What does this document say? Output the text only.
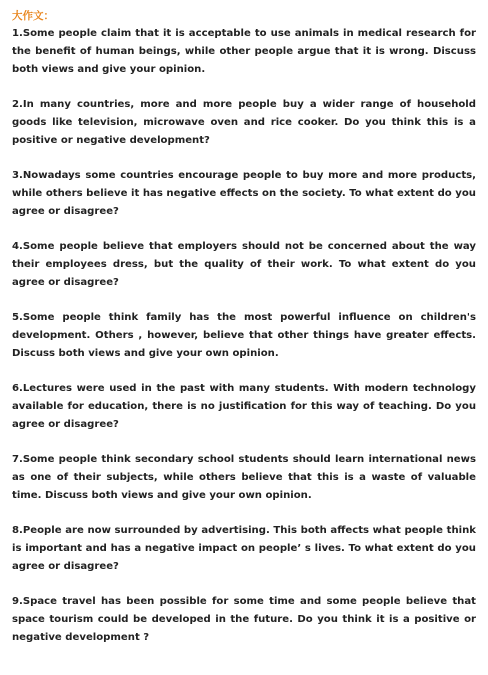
大作文：

1.Some people claim that it is acceptable to use animals in medical research for the benefit of human beings, while other people argue that it is wrong. Discuss both views and give your opinion.

2.In many countries, more and more people buy a wider range of household goods like television, microwave oven and rice cooker. Do you think this is a positive or negative development?

3.Nowadays some countries encourage people to buy more and more products, while others believe it has negative effects on the society. To what extent do you agree or disagree?

4.Some people believe that employers should not be concerned about the way their employees dress, but the quality of their work. To what extent do you agree or disagree?

5.Some people think family has the most powerful influence on children's development. Others , however, believe that other things have greater effects. Discuss both views and give your own opinion.

6.Lectures were used in the past with many students. With modern technology available for education, there is no justification for this way of teaching. Do you agree or disagree?

7.Some people think secondary school students should learn international news as one of their subjects, while others believe that this is a waste of valuable time. Discuss both views and give your own opinion.

8.People are now surrounded by advertising. This both affects what people think is important and has a negative impact on people’ s lives. To what extent do you agree or disagree?

9.Space travel has been possible for some time and some people believe that space tourism could be developed in the future. Do you think it is a positive or negative development ?
